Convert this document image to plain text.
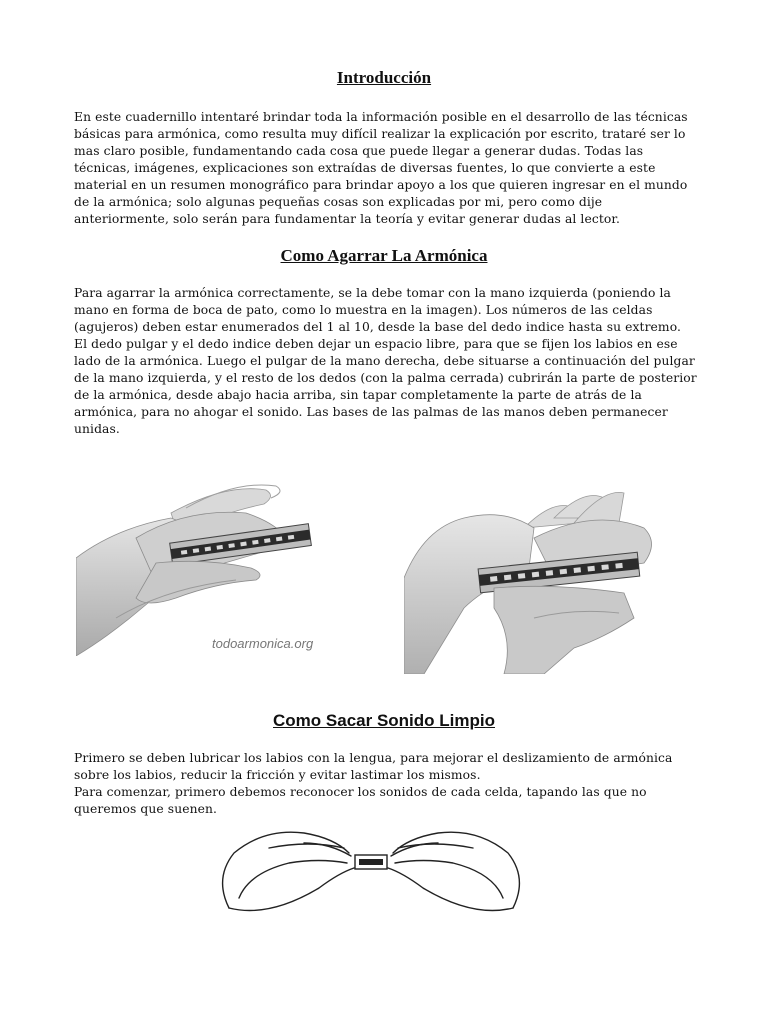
Introducción

En este cuadernillo intentaré brindar toda la información posible en el desarrollo de las técnicas básicas para armónica, como resulta muy difícil realizar la explicación por escrito, trataré ser lo mas claro posible, fundamentando cada cosa que puede llegar a generar dudas. Todas las técnicas, imágenes, explicaciones son extraídas de diversas fuentes, lo que convierte a este material en un resumen monográfico para brindar apoyo a los que quieren ingresar en el mundo de la armónica; solo algunas pequeñas cosas son explicadas por mi, pero como dije anteriormente, solo serán para fundamentar la teoría y evitar generar dudas al lector.

Como Agarrar La Armónica

Para agarrar la armónica correctamente, se la debe tomar con la mano izquierda (poniendo la mano en forma de boca de pato, como lo muestra en la imagen). Los números de las celdas (agujeros) deben estar enumerados del 1 al 10, desde la base del dedo indice hasta su extremo. El dedo pulgar y el dedo indice deben dejar un espacio libre, para que se fijen los labios en ese lado de la armónica. Luego el pulgar de la mano derecha, debe situarse a continuación del pulgar de la mano izquierda, y el resto de los dedos (con la palma cerrada) cubrirán la parte de posterior de la armónica, desde abajo hacia arriba, sin tapar completamente la parte de atrás de la armónica, para no ahogar el sonido. Las bases de las palmas de las manos deben permanecer unidas.

todoarmonica.org
Como Sacar Sonido Limpio

Primero se deben lubricar los labios con la lengua, para mejorar el deslizamiento de armónica sobre los labios, reducir la fricción y evitar lastimar los mismos.

Para comenzar, primero debemos reconocer los sonidos de cada celda, tapando las que no queremos que suenen.
